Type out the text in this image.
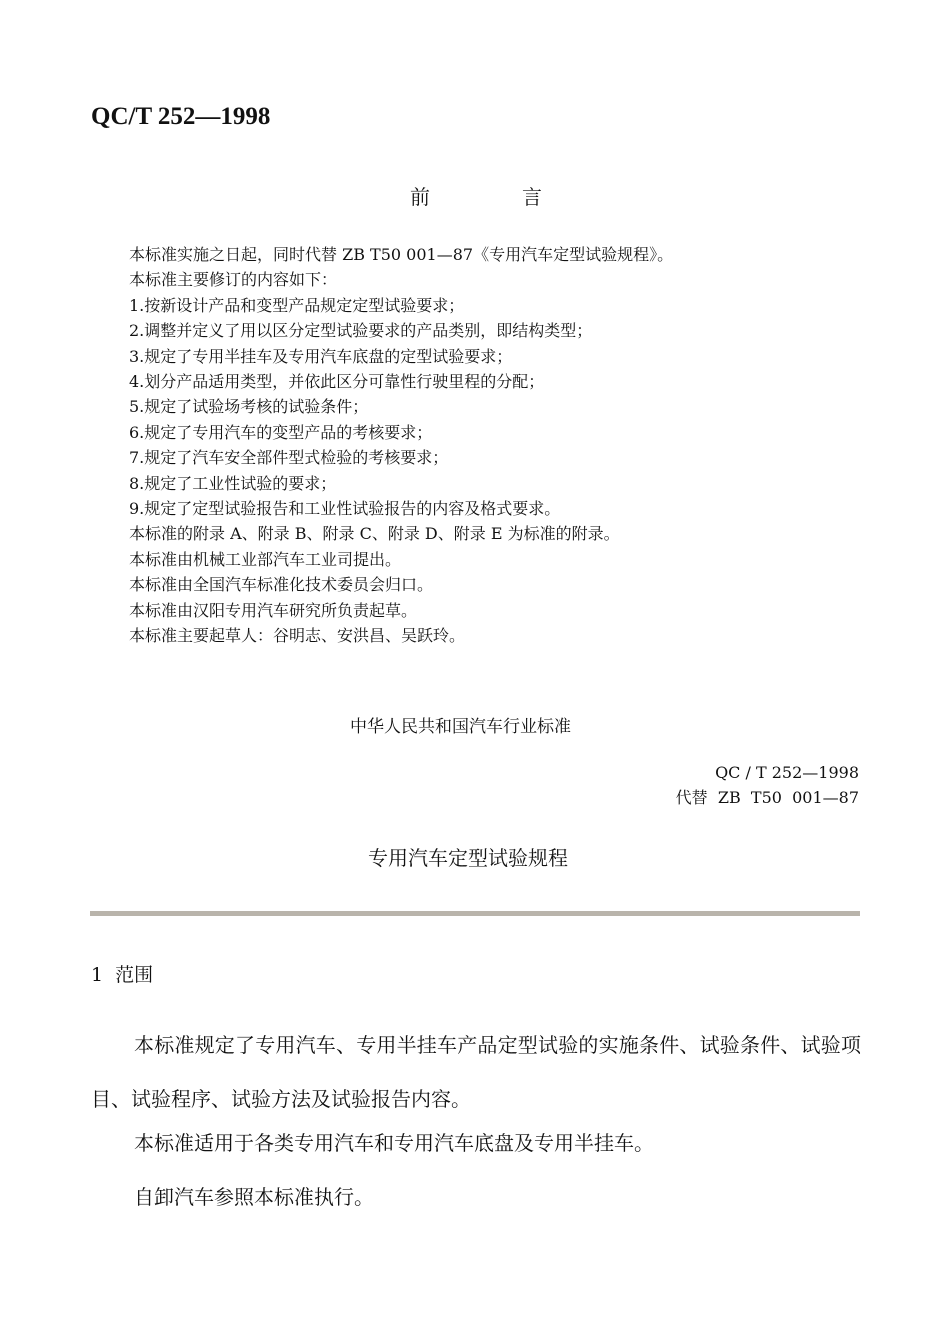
QC/T 252—1998
前言
本标准实施之日起，同时代替 ZB T50 001—87《专用汽车定型试验规程》。
本标准主要修订的内容如下：
1.按新设计产品和变型产品规定定型试验要求；
2.调整并定义了用以区分定型试验要求的产品类别，即结构类型；
3.规定了专用半挂车及专用汽车底盘的定型试验要求；
4.划分产品适用类型，并依此区分可靠性行驶里程的分配；
5.规定了试验场考核的试验条件；
6.规定了专用汽车的变型产品的考核要求；
7.规定了汽车安全部件型式检验的考核要求；
8.规定了工业性试验的要求；
9.规定了定型试验报告和工业性试验报告的内容及格式要求。
本标准的附录 A、附录 B、附录 C、附录 D、附录 E 为标准的附录。
本标准由机械工业部汽车工业司提出。
本标准由全国汽车标准化技术委员会归口。
本标准由汉阳专用汽车研究所负责起草。
本标准主要起草人：谷明志、安洪昌、吴跃玲。
中华人民共和国汽车行业标准
QC / T 252—1998
代替  ZB  T50  001—87
专用汽车定型试验规程
1  范围

本标准规定了专用汽车、专用半挂车产品定型试验的实施条件、试验条件、试验项目、试验程序、试验方法及试验报告内容。

本标准适用于各类专用汽车和专用汽车底盘及专用半挂车。

自卸汽车参照本标准执行。
